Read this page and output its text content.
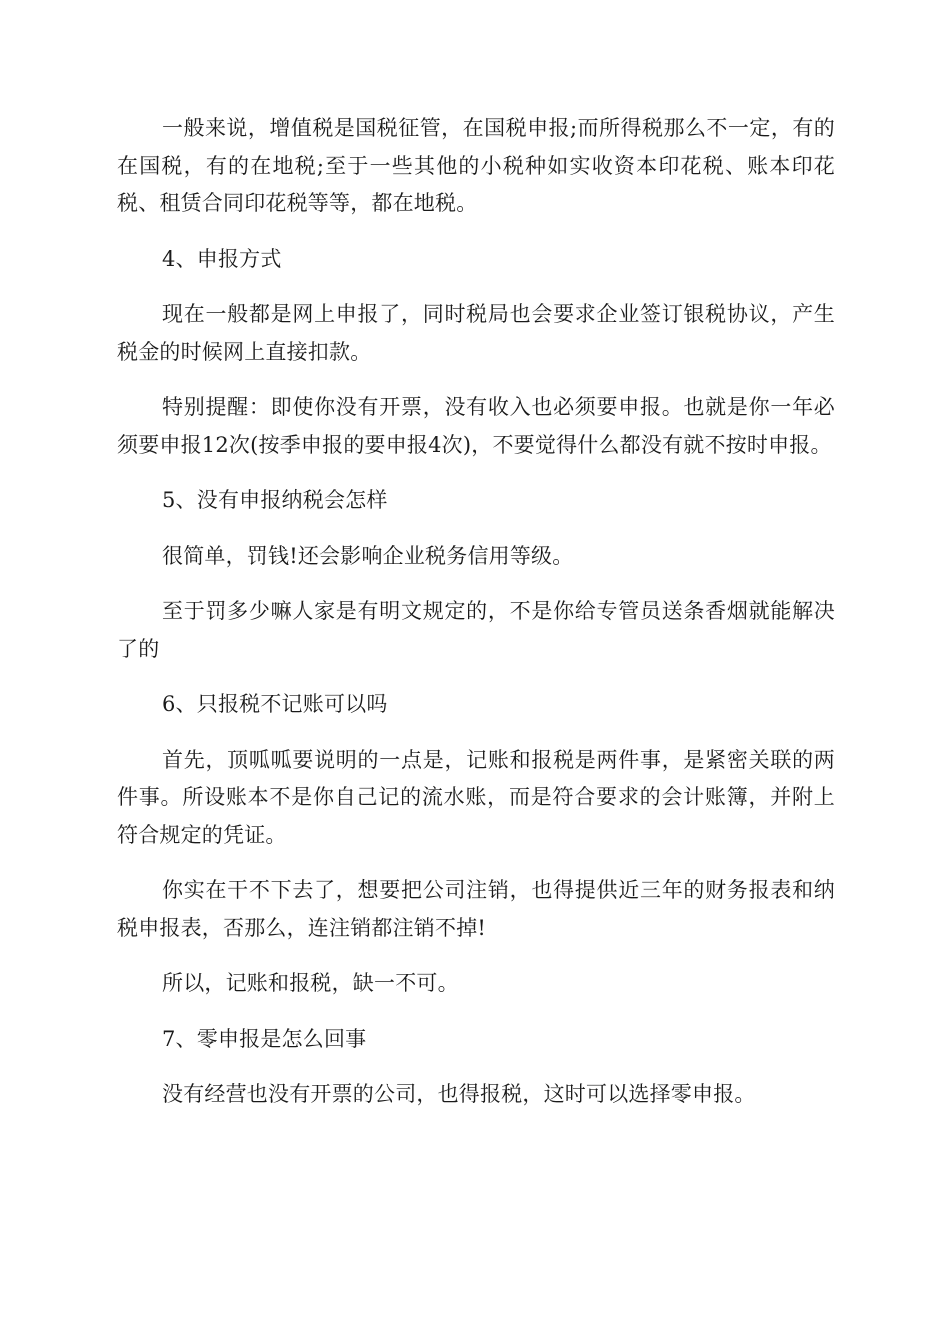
一般来说，增值税是国税征管，在国税申报;而所得税那么不一定，有的在国税，有的在地税;至于一些其他的小税种如实收资本印花税、账本印花税、租赁合同印花税等等，都在地税。

4、申报方式

现在一般都是网上申报了，同时税局也会要求企业签订银税协议，产生税金的时候网上直接扣款。

特别提醒：即使你没有开票，没有收入也必须要申报。也就是你一年必须要申报12次(按季申报的要申报4次)，不要觉得什么都没有就不按时申报。

5、没有申报纳税会怎样

很简单，罚钱!还会影响企业税务信用等级。

至于罚多少嘛人家是有明文规定的，不是你给专管员送条香烟就能解决了的

6、只报税不记账可以吗

首先，顶呱呱要说明的一点是，记账和报税是两件事，是紧密关联的两件事。所设账本不是你自己记的流水账，而是符合要求的会计账簿，并附上符合规定的凭证。

你实在干不下去了，想要把公司注销，也得提供近三年的财务报表和纳税申报表，否那么，连注销都注销不掉!

所以，记账和报税，缺一不可。

7、零申报是怎么回事

没有经营也没有开票的公司，也得报税，这时可以选择零申报。
